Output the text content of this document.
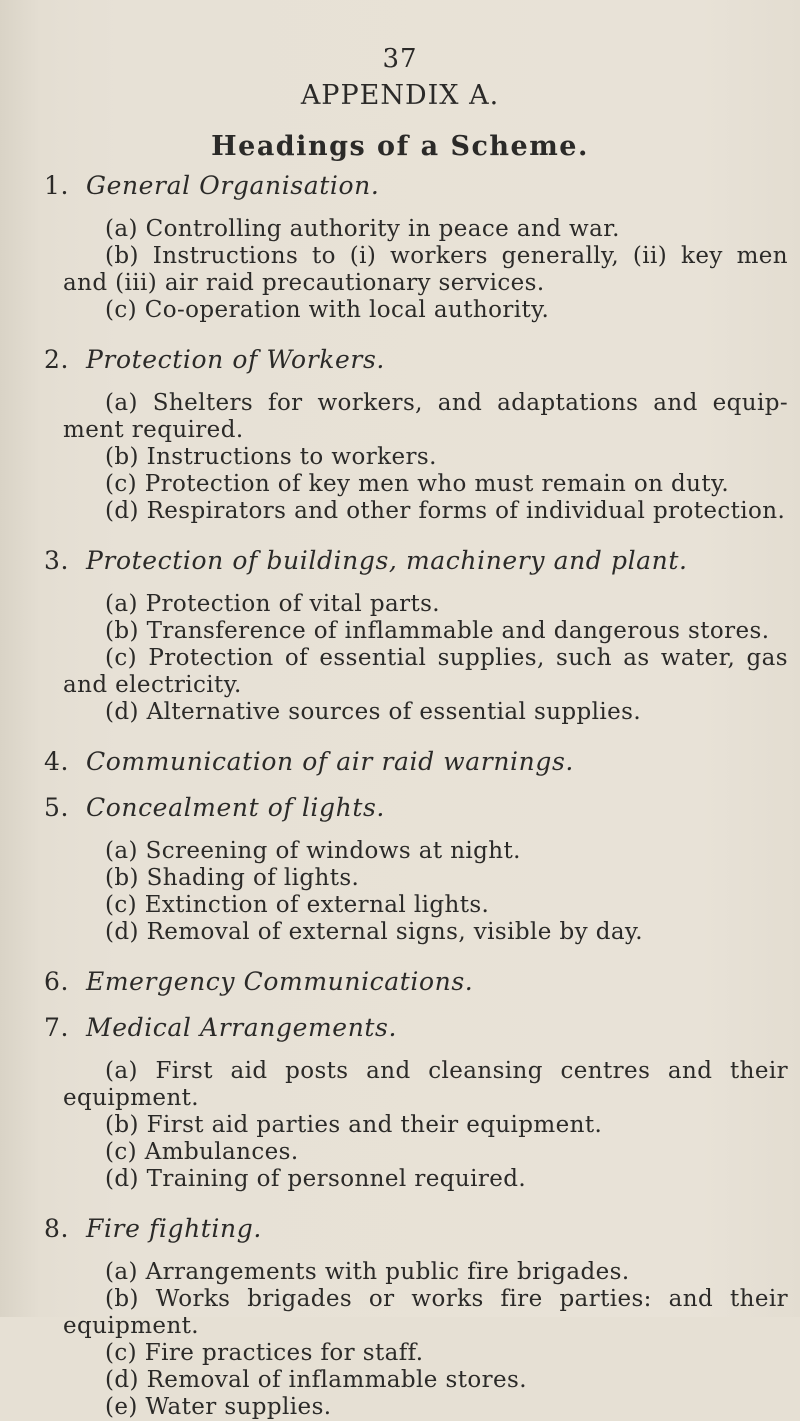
37
APPENDIX A.
Headings of a Scheme.
1. General Organisation.
(a) Controlling authority in peace and war.
(b) Instructions to (i) workers generally, (ii) key men and (iii) air raid precautionary services.
(c) Co-operation with local authority.
2. Protection of Workers.
(a) Shelters for workers, and adaptations and equip- ment required.
(b) Instructions to workers.
(c) Protection of key men who must remain on duty.
(d) Respirators and other forms of individual protection.
3. Protection of buildings, machinery and plant.
(a) Protection of vital parts.
(b) Transference of inflammable and dangerous stores.
(c) Protection of essential supplies, such as water, gas and electricity.
(d) Alternative sources of essential supplies.
4. Communication of air raid warnings.
5. Concealment of lights.
(a) Screening of windows at night.
(b) Shading of lights.
(c) Extinction of external lights.
(d) Removal of external signs, visible by day.
6. Emergency Communications.
7. Medical Arrangements.
(a) First aid posts and cleansing centres and their equipment.
(b) First aid parties and their equipment.
(c) Ambulances.
(d) Training of personnel required.
8. Fire fighting.
(a) Arrangements with public fire brigades.
(b) Works brigades or works fire parties: and their equipment.
(c) Fire practices for staff.
(d) Removal of inflammable stores.
(e) Water supplies.
